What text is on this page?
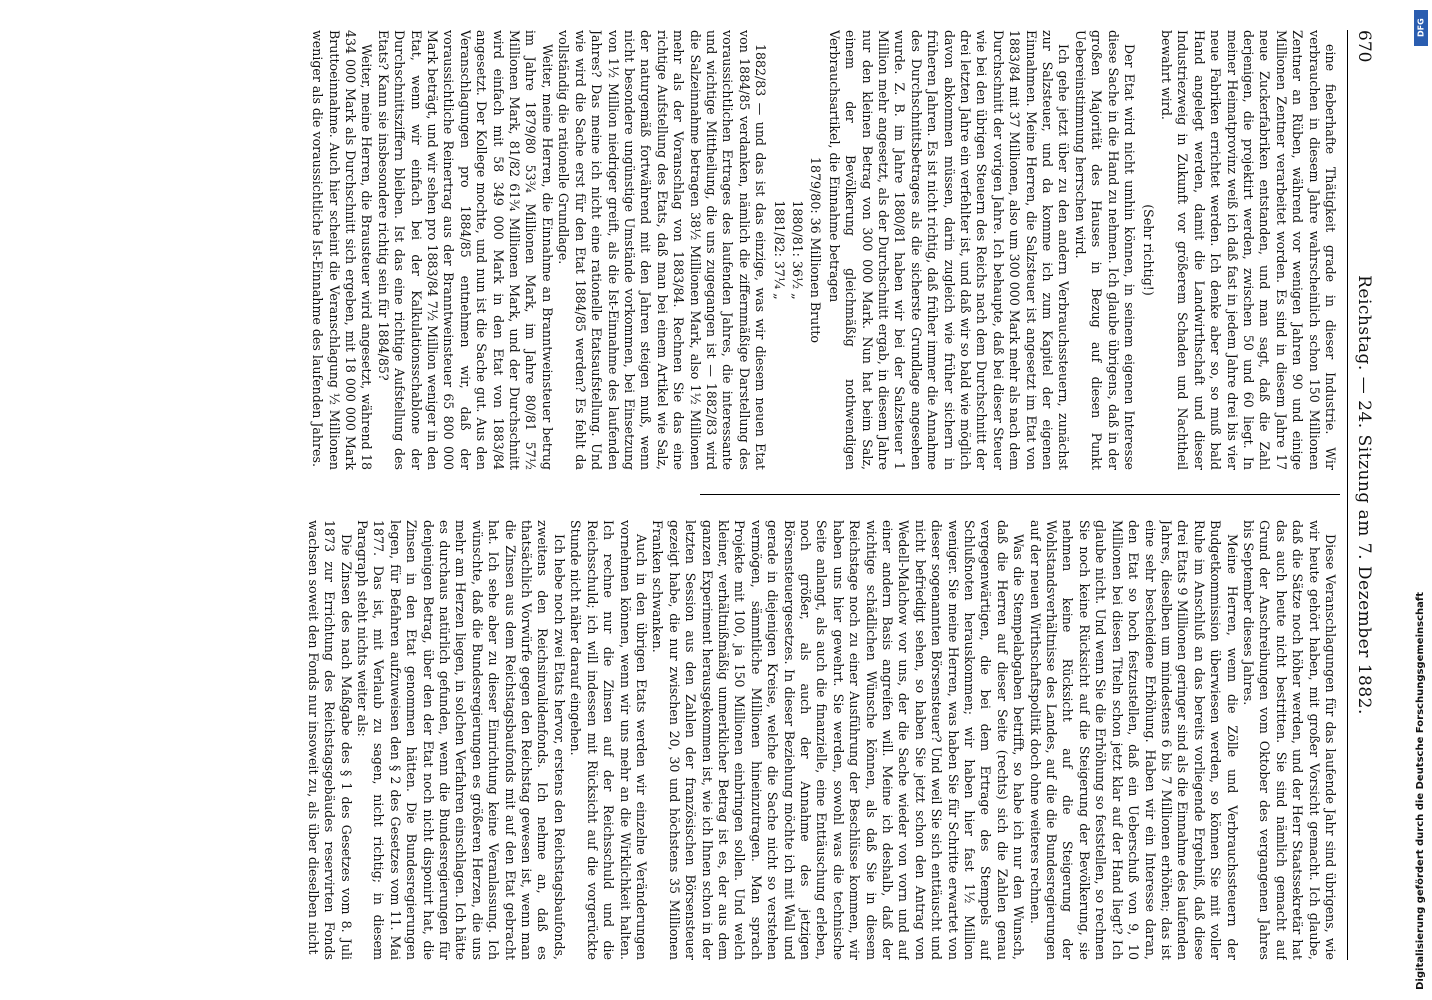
670
Reichstag. — 24. Sitzung am 7. Dezember 1882.

eine fieberhafte Thätigkeit grade in dieser Industrie. Wir verbrauchen in diesem Jahre wahrscheinlich schon 150 Millionen Zentner an Rüben, während vor wenigen Jahren 90 und einige Millionen Zentner verarbeitet worden. Es sind in diesem Jahre 17 neue Zuckerfabriken entstanden, und man sagt, daß die Zahl derjenigen, die projektirt werden, zwischen 50 und 60 liegt. In meiner Heimatprovinz weiß ich daß fast in jedem Jahre drei bis vier neue Fabriken errichtet werden. Ich denke aber so, so muß bald Hand angelegt werden, damit die Landwirthschaft und dieser Industriezweig in Zukunft vor größerem Schaden und Nachtheil bewahrt wird.

(Sehr richtig!)

Der Etat wird nicht umhin können, in seinem eigenen Interesse diese Sache in die Hand zu nehmen. Ich glaube übrigens, daß in der großen Majorität des Hauses in Bezug auf diesen Punkt Uebereinstimmung herrschen wird.

Ich gehe jetzt über zu den andern Verbrauchssteuern, zunächst zur Salzsteuer, und da komme ich zum Kapitel der eigenen Einnahmen. Meine Herren, die Salzsteuer ist angesetzt im Etat von 1883/84 mit 37 Millionen, also um 300 000 Mark mehr als nach dem Durchschnitt der vorigen Jahre. Ich behaupte, daß bei dieser Steuer wie bei den übrigen Steuern des Reichs nach dem Durchschnitt der drei letzten Jahre ein verfehlter ist, und daß wir so bald wie möglich davon abkommen müssen, darin zugleich wie früher sichern in früheren Jahren. Es ist nicht richtig, daß früher immer die Annahme des Durchschnittsbetrages als die sicherste Grundlage angesehen wurde. Z. B. im Jahre 1880/81 haben wir bei der Salzsteuer 1 Million mehr angesetzt, als der Durchschnitt ergab, in diesem Jahre nur den kleinen Betrag von 300 000 Mark. Nun hat beim Salz, einem der Bevölkerung gleichmäßig nothwendigen Verbrauchsartikel, die Einnahme betragen

1879/80: 36 Millionen Brutto

1880/81: 36½ „

1881/82: 37¼ „

1882/83 — und das ist das einzige, was wir diesem neuen Etat von 1884/85 verdanken, nämlich die ziffernmäßige Darstellung des voraussichtlichen Ertrages des laufenden Jahres, die interessante und wichtige Mittheilung, die uns zugegangen ist — 1882/83 wird die Salzeinnahme betragen 38½ Millionen Mark, also 1½ Millionen mehr als der Voranschlag von 1883/84. Rechnen Sie das eine richtige Aufstellung des Etats, daß man bei einem Artikel wie Salz, der naturgemäß fortwährend mit den Jahren steigen muß, wenn nicht besondere ungünstige Umstände vorkommen, bei Einsetzung von 1½ Million niedriger greift, als die Ist-Einnahme des laufenden Jahres? Das meine ich nicht eine rationelle Etatsaufstellung. Und wie wird die Sache erst für den Etat 1884/85 werden? Es fehlt da vollständig die rationelle Grundlage.

Weiter, meine Herren, die Einnahme an Branntweinsteuer betrug im Jahre 1879/80 53¾ Millionen Mark, im Jahre 80/81 57½ Millionen Mark, 81/82 61¾ Millionen Mark, und der Durchschnitt wird einfach mit 58 349 000 Mark in den Etat von 1883/84 angesetzt. Der Kollege mochte, und nun ist die Sache gut. Aus den Veranschlagungen pro 1884/85 entnehmen wir, daß der voraussichtliche Reinertrag aus der Branntweinsteuer 65 800 000 Mark beträgt, und wir sehen pro 1883/84 7½ Million weniger in den Etat, wenn wir einfach bei der Kalkulationsschablone der Durchschnittsziffern bleiben. Ist das eine richtige Aufstellung des Etats? Kann sie insbesondere richtig sein für 1884/85?

Weiter, meine Herren, die Brausteuer wird angesetzt, während 18 434 000 Mark als Durchschnitt sich ergeben, mit 18 000 000 Mark Bruttoeinnahme. Auch hier scheint die Veranschlagung ½ Millionen weniger als die voraussichtliche Ist-Einnahme des laufenden Jahres.

Diese Veranschlagungen für das laufende Jahr sind übrigens, wie wir heute gehört haben, mit großer Vorsicht gemacht. Ich glaube, daß die Sätze noch höher werden, und der Herr Staatssekretär hat das auch heute nicht bestritten. Sie sind nämlich gemacht auf Grund der Anschreibungen vom Oktober des vergangenen Jahres bis September dieses Jahres.

Meine Herren, wenn die Zölle und Verbrauchssteuern der Budgetkommission überwiesen werden, so können Sie mit voller Ruhe im Anschluß an das bereits vorliegende Ergebniß, daß diese drei Etats 9 Millionen geringer sind als die Einnahme des laufenden Jahres, dieselben um mindestens 6 bis 7 Millionen erhöhen; das ist eine sehr bescheidene Erhöhung. Haben wir ein Interesse daran, den Etat so hoch festzustellen, daß ein Ueberschuß von 9, 10 Millionen bei diesen Titeln schon jetzt klar auf der Hand liegt? Ich glaube nicht. Und wenn Sie die Erhöhung so feststellen, so rechnen Sie noch keine Rücksicht auf die Steigerung der Bevölkerung, sie nehmen keine Rücksicht auf die Steigerung der Wohlstandsverhältnisse des Landes, auf die die Bundesregierungen auf der neuen Wirthschaftspolitik doch ohne weiteres rechnen.

Was die Stempelabgaben betrifft, so habe ich nur den Wunsch, daß die Herren auf dieser Seite (rechts) sich die Zahlen genau vergegenwärtigen, die bei dem Ertrage des Stempels auf Schlußnoten herauskommen; wir haben hier fast 1½ Million weniger. Sie meine Herren, was haben Sie für Schritte erwartet von dieser sogenannten Börsensteuer? Und weil Sie sich enttäuscht und nicht befriedigt sehen, so haben Sie jetzt schon den Antrag von Wedell-Malchow vor uns, der die Sache wieder von vorn und auf einer andern Basis angreifen will. Meine ich deshalb, daß der wichtige schädlichen Wünsche können, als daß Sie in diesem Reichstage noch zu einer Ausführung der Beschlüsse kommen, wir haben uns hier gewehrt. Sie werden, sowohl was die technische Seite anlangt, als auch die finanzielle, eine Enttäuschung erleben, noch größer, als auch der Annahme des jetzigen Börsensteuergesetzes. In dieser Beziehung möchte ich mit Wall und gerade in diejenigen Kreise, welche die Sache nicht so verstehen vermögen, sämmtliche Millionen hineinzutragen. Man sprach Projekte mit 100, ja 150 Millionen einbringen sollen. Und welch kleiner, verhältnißmäßig unmerklicher Betrag ist es, der aus dem ganzen Experiment herausgekommen ist, wie ich Ihnen schon in der letzten Session aus den Zahlen der französischen Börsensteuer gezeigt habe, die nur zwischen 20, 30 und höchstens 35 Millionen Franken schwanken.

Auch in den übrigen Etats werden wir einzelne Veränderungen vornehmen können, wenn wir uns mehr an die Wirklichkeit halten. Ich rechne nur die Zinsen auf der Reichsschuld und die Reichsschuld; ich will indessen mit Rücksicht auf die vorgerückte Stunde nicht näher darauf eingehen.

Ich hebe noch zwei Etats hervor, erstens den Reichstagsbaufonds, zweitens den Reichsinvalidenfonds. Ich nehme an, daß es thatsächlich Vorwürfe gegen den Reichstag gewesen ist, wenn man die Zinsen aus dem Reichstagsbaufonds mit auf den Etat gebracht hat. Ich sehe aber zu dieser Einrichtung keine Veranlassung. Ich wünschte, daß die Bundesregierungen es größeren Herzen, die uns mehr am Herzen liegen, in solchen Verfahren einschlagen. Ich hätte es durchaus natürlich gefunden, wenn die Bundesregierungen für denjenigen Betrag, über den der Etat noch nicht disponirt hat, die Zinsen in den Etat genommen hätten. Die Bundesregierungen legen, für Befahren aufzuweisen den § 2 des Gesetzes vom 11. Mai 1877. Das ist, mit Verlaub zu sagen, nicht richtig; in diesem Paragraph steht nichts weiter als:

Die Zinsen des nach Maßgabe des § 1 des Gesetzes vom 8. Juli 1873 zur Errichtung des Reichstagsgebäudes reservirten Fonds wachsen soweit den Fonds nur insoweit zu, als über dieselben nicht

DFG
Digitalisierung gefördert durch die Deutsche Forschungsgemeinschaft
